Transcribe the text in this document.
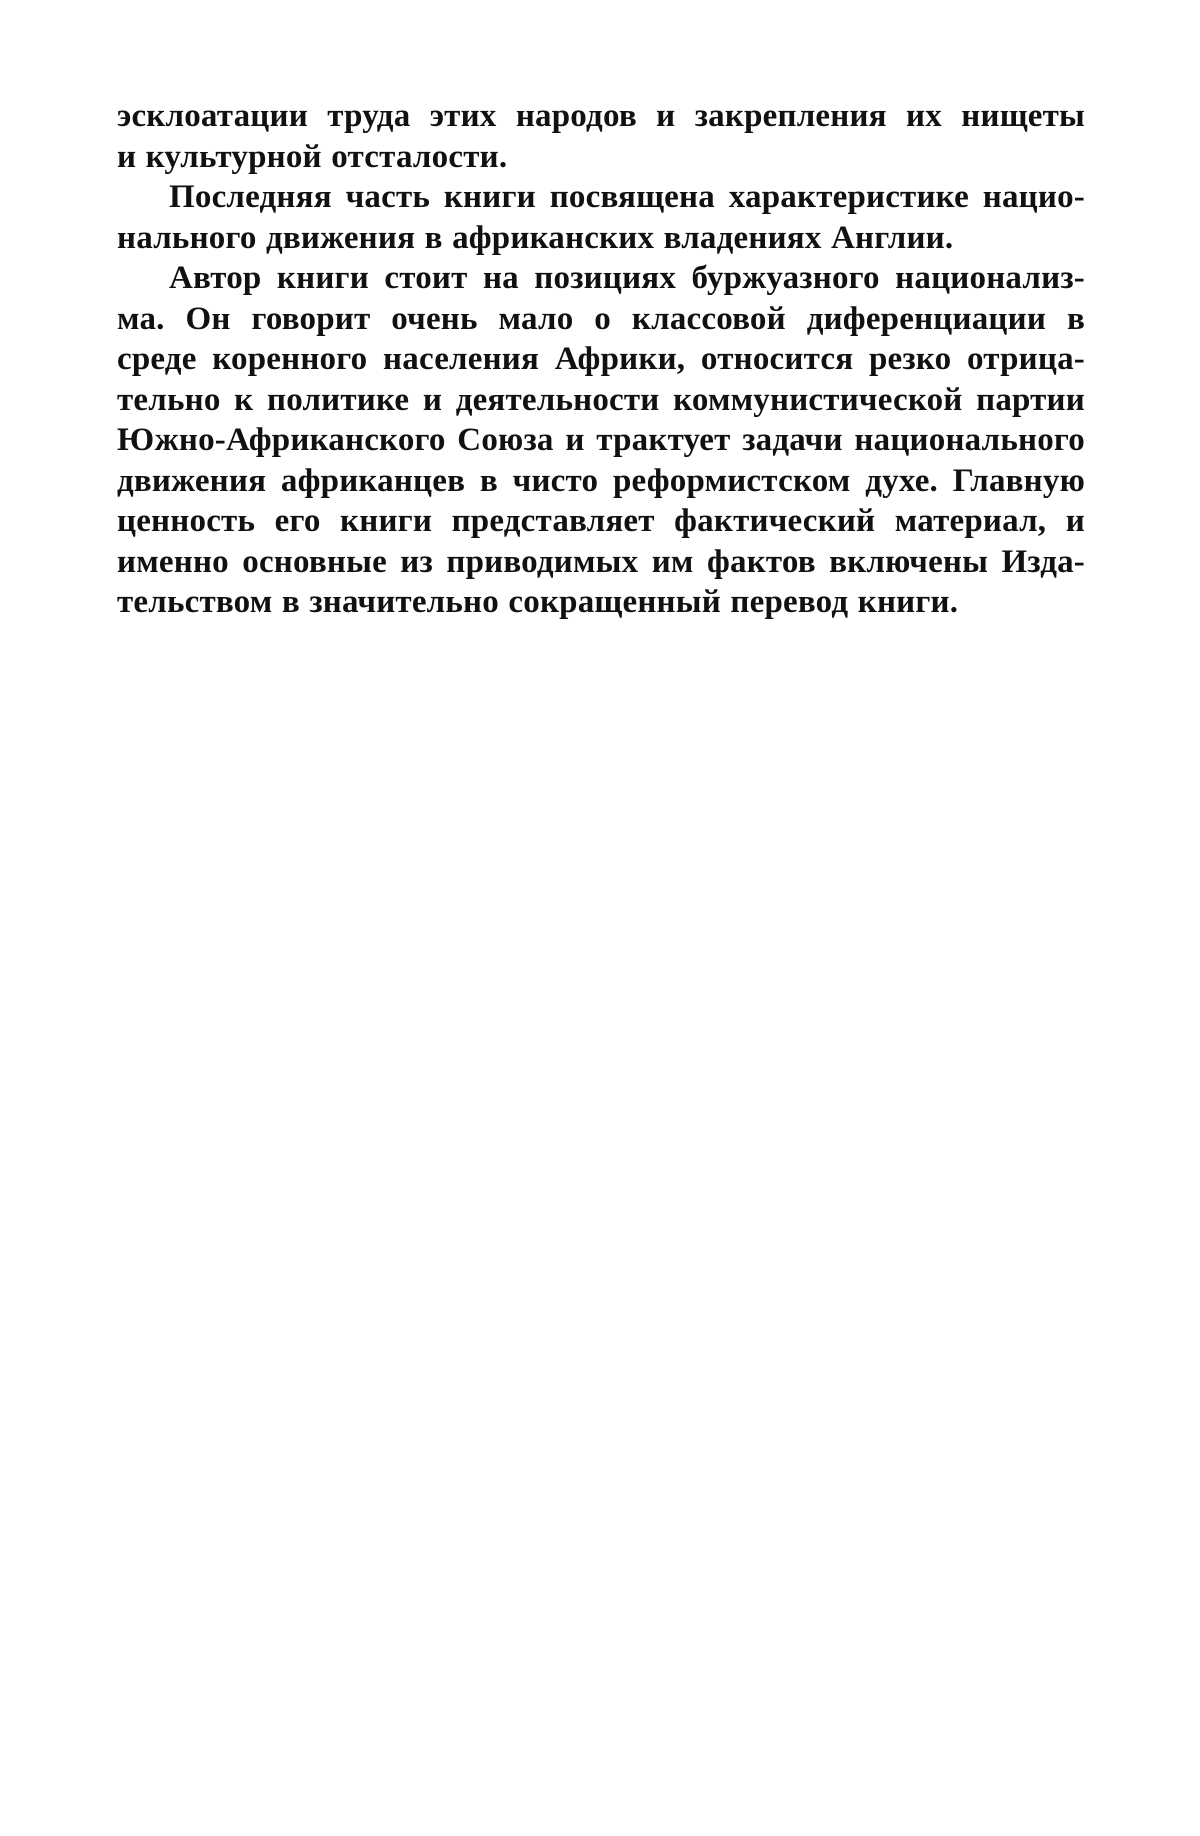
эсклоатации труда этих народов и закрепления их нищеты
и культурной отсталости.
Последняя часть книги посвящена характеристике нацио-
нального движения в африканских владениях Англии.
Автор книги стоит на позициях буржуазного национализ-
ма. Он говорит очень мало о классовой диференциации в
среде коренного населения Африки, относится резко отрица-
тельно к политике и деятельности коммунистической партии
Южно-Африканского Союза и трактует задачи национального
движения африканцев в чисто реформистском духе. Главную
ценность его книги представляет фактический материал, и
именно основные из приводимых им фактов включены Изда-
тельством в значительно сокращенный перевод книги.
